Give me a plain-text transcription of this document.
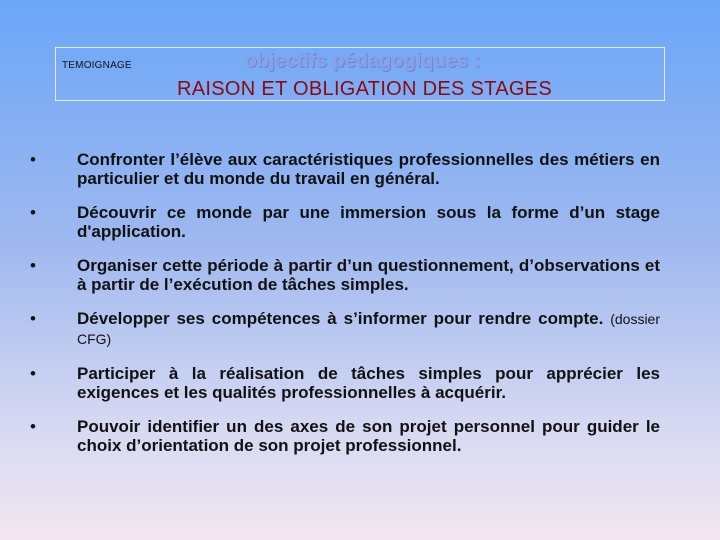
TEMOIGNAGE	objectifs pédagogiques :
RAISON ET OBLIGATION DES STAGES
•	Confronter l’élève aux caractéristiques professionnelles des métiers en particulier et du monde du travail en général.
•	Découvrir ce monde par une immersion sous la forme d’un stage d'application.
•	Organiser cette période à partir d’un questionnement, d’observations et à partir de l’exécution de tâches simples.
•	Développer ses compétences à s’informer pour rendre compte. (dossier CFG)
•	Participer à la réalisation de tâches simples pour apprécier les exigences et les qualités professionnelles à acquérir.
•	Pouvoir identifier un des axes de son projet personnel pour guider le choix d’orientation de son projet professionnel.
